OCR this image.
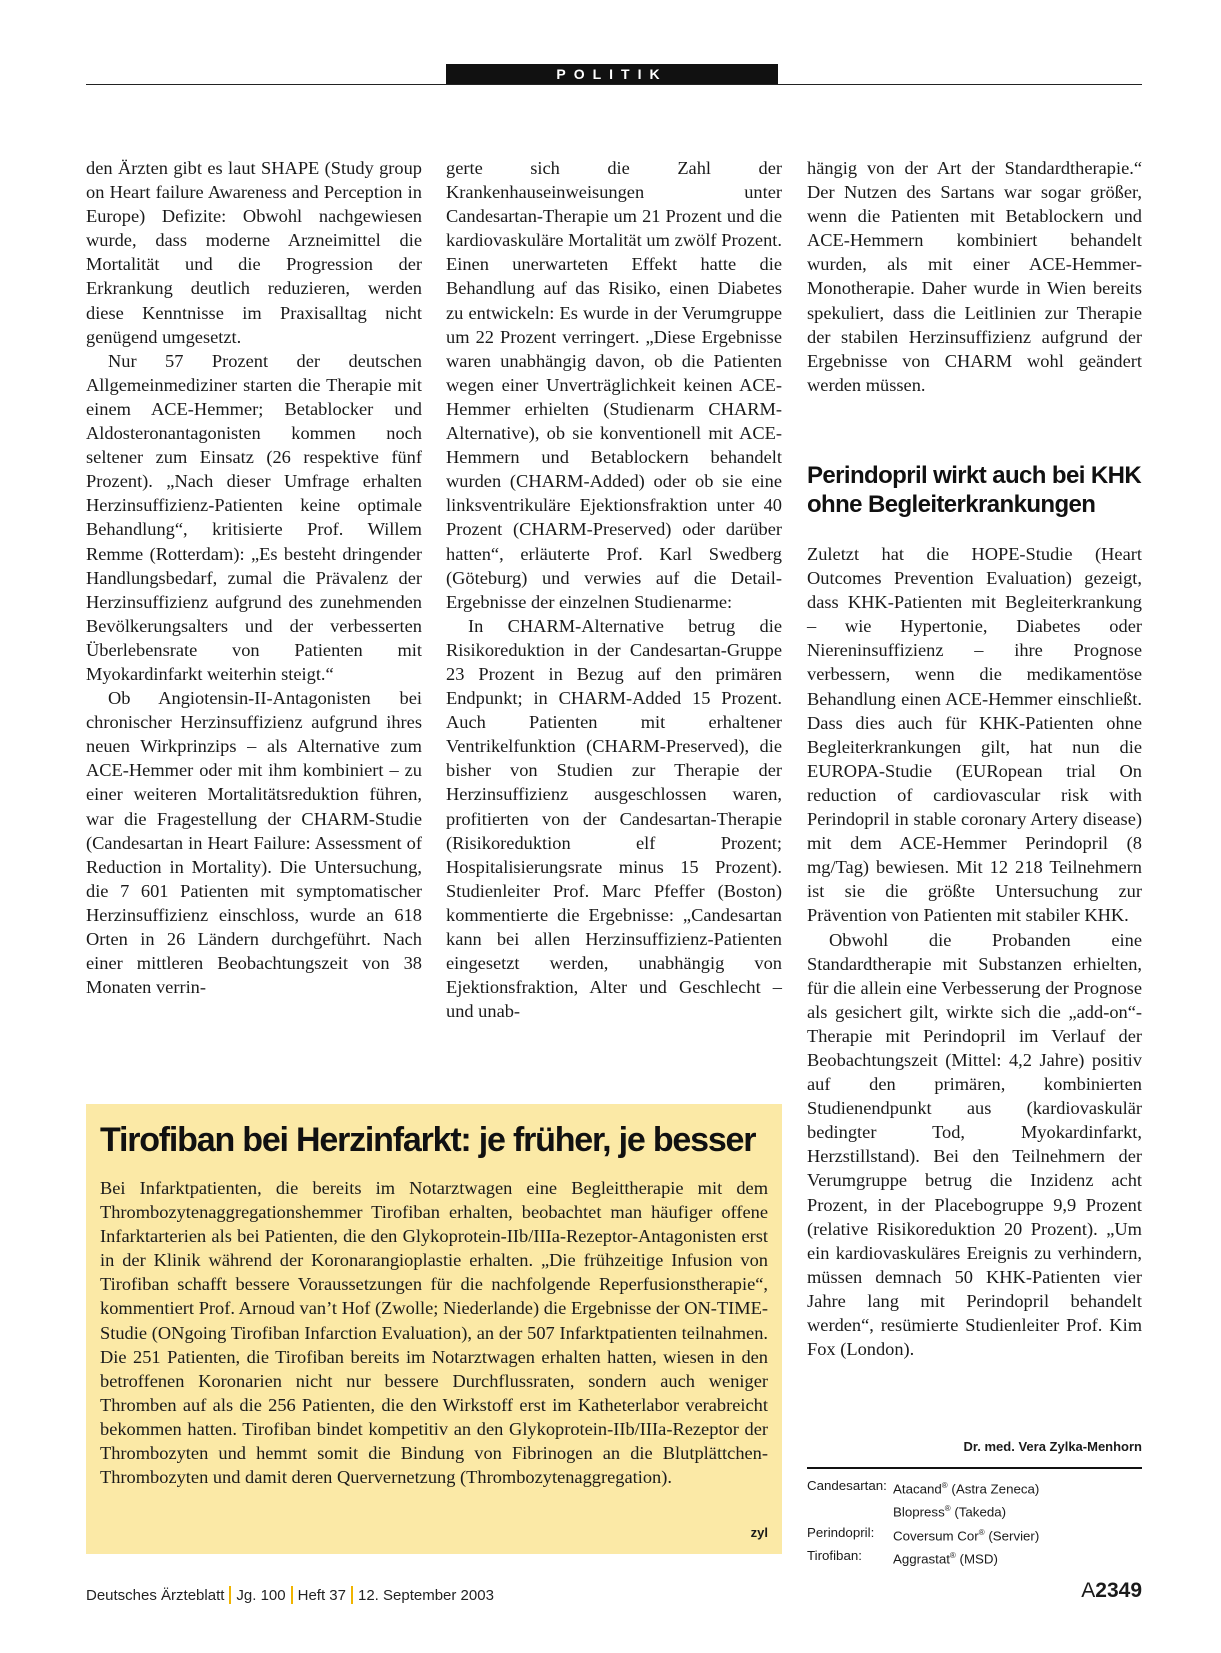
POLITIK

den Ärzten gibt es laut SHAPE (Study group on Heart failure Awareness and Perception in Europe) Defizite: Obwohl nachgewiesen wurde, dass moderne Arzneimittel die Mortalität und die Progression der Erkrankung deutlich reduzieren, werden diese Kenntnisse im Praxisalltag nicht genügend umgesetzt.

Nur 57 Prozent der deutschen Allgemeinmediziner starten die Therapie mit einem ACE-Hemmer; Betablocker und Aldosteronantagonisten kommen noch seltener zum Einsatz (26 respektive fünf Prozent). „Nach dieser Umfrage erhalten Herzinsuffizienz-Patienten keine optimale Behandlung“, kritisierte Prof. Willem Remme (Rotterdam): „Es besteht dringender Handlungsbedarf, zumal die Prävalenz der Herzinsuffizienz aufgrund des zunehmenden Bevölkerungsalters und der verbesserten Überlebensrate von Patienten mit Myokardinfarkt weiterhin steigt.“

Ob Angiotensin-II-Antagonisten bei chronischer Herzinsuffizienz aufgrund ihres neuen Wirkprinzips – als Alternative zum ACE-Hemmer oder mit ihm kombiniert – zu einer weiteren Mortalitätsreduktion führen, war die Fragestellung der CHARM-Studie (Candesartan in Heart Failure: Assessment of Reduction in Mortality). Die Untersuchung, die 7 601 Patienten mit symptomatischer Herzinsuffizienz einschloss, wurde an 618 Orten in 26 Ländern durchgeführt. Nach einer mittleren Beobachtungszeit von 38 Monaten verrin-

gerte sich die Zahl der Krankenhauseinweisungen unter Candesartan-Therapie um 21 Prozent und die kardiovaskuläre Mortalität um zwölf Prozent. Einen unerwarteten Effekt hatte die Behandlung auf das Risiko, einen Diabetes zu entwickeln: Es wurde in der Verumgruppe um 22 Prozent verringert. „Diese Ergebnisse waren unabhängig davon, ob die Patienten wegen einer Unverträglichkeit keinen ACE-Hemmer erhielten (Studienarm CHARM-Alternative), ob sie konventionell mit ACE-Hemmern und Betablockern behandelt wurden (CHARM-Added) oder ob sie eine linksventrikuläre Ejektionsfraktion unter 40 Prozent (CHARM-Preserved) oder darüber hatten“, erläuterte Prof. Karl Swedberg (Göteburg) und verwies auf die Detail-Ergebnisse der einzelnen Studienarme:

In CHARM-Alternative betrug die Risikoreduktion in der Candesartan-Gruppe 23 Prozent in Bezug auf den primären Endpunkt; in CHARM-Added 15 Prozent. Auch Patienten mit erhaltener Ventrikelfunktion (CHARM-Preserved), die bisher von Studien zur Therapie der Herzinsuffizienz ausgeschlossen waren, profitierten von der Candesartan-Therapie (Risikoreduktion elf Prozent; Hospitalisierungsrate minus 15 Prozent). Studienleiter Prof. Marc Pfeffer (Boston) kommentierte die Ergebnisse: „Candesartan kann bei allen Herzinsuffizienz-Patienten eingesetzt werden, unabhängig von Ejektionsfraktion, Alter und Geschlecht – und unab-

hängig von der Art der Standardtherapie.“ Der Nutzen des Sartans war sogar größer, wenn die Patienten mit Betablockern und ACE-Hemmern kombiniert behandelt wurden, als mit einer ACE-Hemmer-Monotherapie. Daher wurde in Wien bereits spekuliert, dass die Leitlinien zur Therapie der stabilen Herzinsuffizienz aufgrund der Ergebnisse von CHARM wohl geändert werden müssen.

Perindopril wirkt auch bei KHK ohne Begleiterkrankungen

Zuletzt hat die HOPE-Studie (Heart Outcomes Prevention Evaluation) gezeigt, dass KHK-Patienten mit Begleiterkrankung – wie Hypertonie, Diabetes oder Niereninsuffizienz – ihre Prognose verbessern, wenn die medikamentöse Behandlung einen ACE-Hemmer einschließt. Dass dies auch für KHK-Patienten ohne Begleiterkrankungen gilt, hat nun die EUROPA-Studie (EURopean trial On reduction of cardiovascular risk with Perindopril in stable coronary Artery disease) mit dem ACE-Hemmer Perindopril (8 mg/Tag) bewiesen. Mit 12 218 Teilnehmern ist sie die größte Untersuchung zur Prävention von Patienten mit stabiler KHK.

Obwohl die Probanden eine Standardtherapie mit Substanzen erhielten, für die allein eine Verbesserung der Prognose als gesichert gilt, wirkte sich die „add-on“-Therapie mit Perindopril im Verlauf der Beobachtungszeit (Mittel: 4,2 Jahre) positiv auf den primären, kombinierten Studienendpunkt aus (kardiovaskulär bedingter Tod, Myokardinfarkt, Herzstillstand). Bei den Teilnehmern der Verumgruppe betrug die Inzidenz acht Prozent, in der Placebogruppe 9,9 Prozent (relative Risikoreduktion 20 Prozent). „Um ein kardiovaskuläres Ereignis zu verhindern, müssen demnach 50 KHK-Patienten vier Jahre lang mit Perindopril behandelt werden“, resümierte Studienleiter Prof. Kim Fox (London).

Dr. med. Vera Zylka-Menhorn
Candesartan: Atacand® (Astra Zeneca)
Blopress® (Takeda)
Perindopril:	Coversum Cor® (Servier)
Tirofiban:	Aggrastat® (MSD)
Tirofiban bei Herzinfarkt: je früher, je besser
Bei Infarktpatienten, die bereits im Notarztwagen eine Begleittherapie mit dem Thrombozytenaggregationshemmer Tirofiban erhalten, beobachtet man häufiger offene Infarktarterien als bei Patienten, die den Glykoprotein-IIb/IIIa-Rezeptor-Antagonisten erst in der Klinik während der Koronarangioplastie erhalten. „Die frühzeitige Infusion von Tirofiban schafft bessere Voraussetzungen für die nachfolgende Reperfusionstherapie“, kommentiert Prof. Arnoud van’t Hof (Zwolle; Niederlande) die Ergebnisse der ON-TIME-Studie (ONgoing Tirofiban Infarction Evaluation), an der 507 Infarktpatienten teilnahmen. Die 251 Patienten, die Tirofiban bereits im Notarztwagen erhalten hatten, wiesen in den betroffenen Koronarien nicht nur bessere Durchflussraten, sondern auch weniger Thromben auf als die 256 Patienten, die den Wirkstoff erst im Katheterlabor verabreicht bekommen hatten. Tirofiban bindet kompetitiv an den Glykoprotein-IIb/IIIa-Rezeptor der Thrombozyten und hemmt somit die Bindung von Fibrinogen an die Blutplättchen-Thrombozyten und damit deren Quervernetzung (Thrombozytenaggregation).
zyl
Deutsches Ärzteblatt Jg. 100 Heft 37 12. September 2003	A2349
